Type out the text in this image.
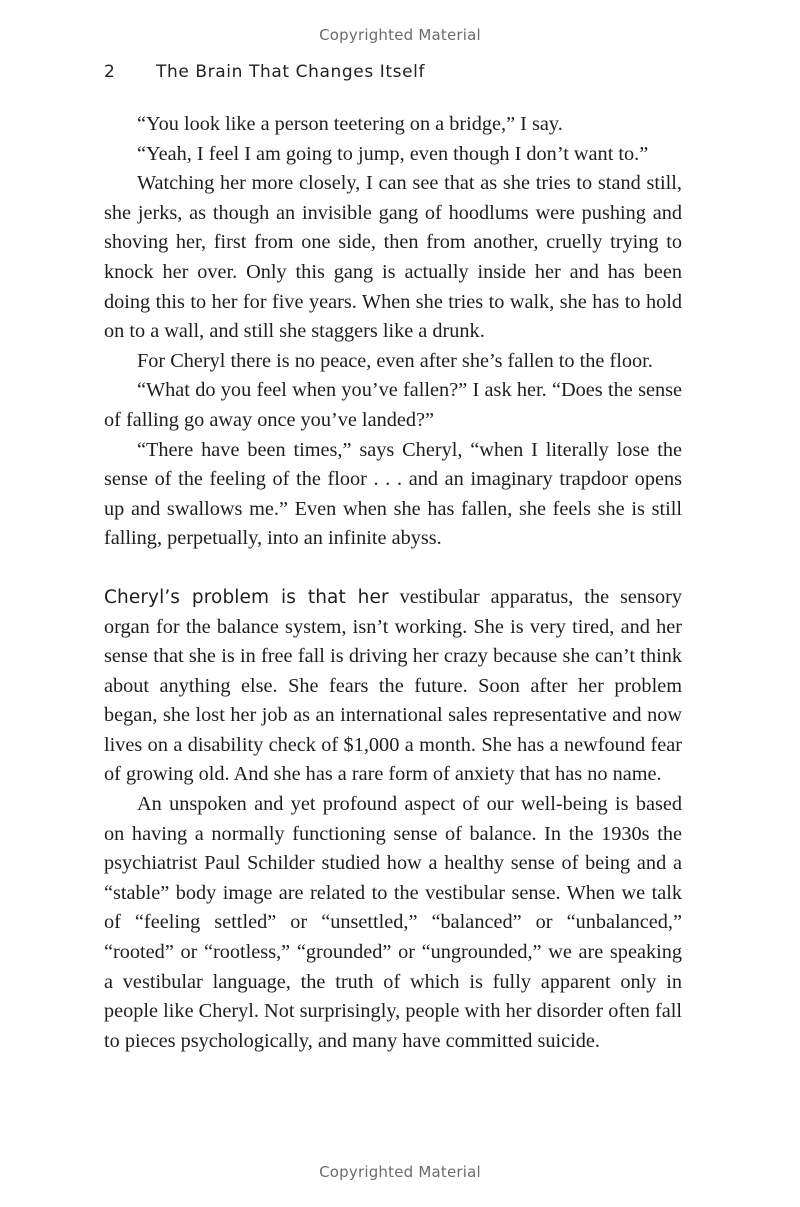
Copyrighted Material
2 The Brain That Changes Itself

“You look like a person teetering on a bridge,” I say.

“Yeah, I feel I am going to jump, even though I don’t want to.”

Watching her more closely, I can see that as she tries to stand still, she jerks, as though an invisible gang of hoodlums were pushing and shoving her, first from one side, then from another, cruelly trying to knock her over. Only this gang is actually inside her and has been doing this to her for five years. When she tries to walk, she has to hold on to a wall, and still she staggers like a drunk.

For Cheryl there is no peace, even after she’s fallen to the floor.

“What do you feel when you’ve fallen?” I ask her. “Does the sense of falling go away once you’ve landed?”

“There have been times,” says Cheryl, “when I literally lose the sense of the feeling of the floor . . . and an imaginary trapdoor opens up and swallows me.” Even when she has fallen, she feels she is still falling, perpetually, into an infinite abyss.

Cheryl’s problem is that her vestibular apparatus, the sensory organ for the balance system, isn’t working. She is very tired, and her sense that she is in free fall is driving her crazy because she can’t think about anything else. She fears the future. Soon after her problem began, she lost her job as an international sales representative and now lives on a disability check of $1,000 a month. She has a newfound fear of growing old. And she has a rare form of anxiety that has no name.

An unspoken and yet profound aspect of our well-being is based on having a normally functioning sense of balance. In the 1930s the psychiatrist Paul Schilder studied how a healthy sense of being and a “stable” body image are related to the vestibular sense. When we talk of “feeling settled” or “unsettled,” “balanced” or “unbalanced,” “rooted” or “rootless,” “grounded” or “ungrounded,” we are speaking a vestibular language, the truth of which is fully apparent only in people like Cheryl. Not surprisingly, people with her disorder often fall to pieces psychologically, and many have committed suicide.

Copyrighted Material
